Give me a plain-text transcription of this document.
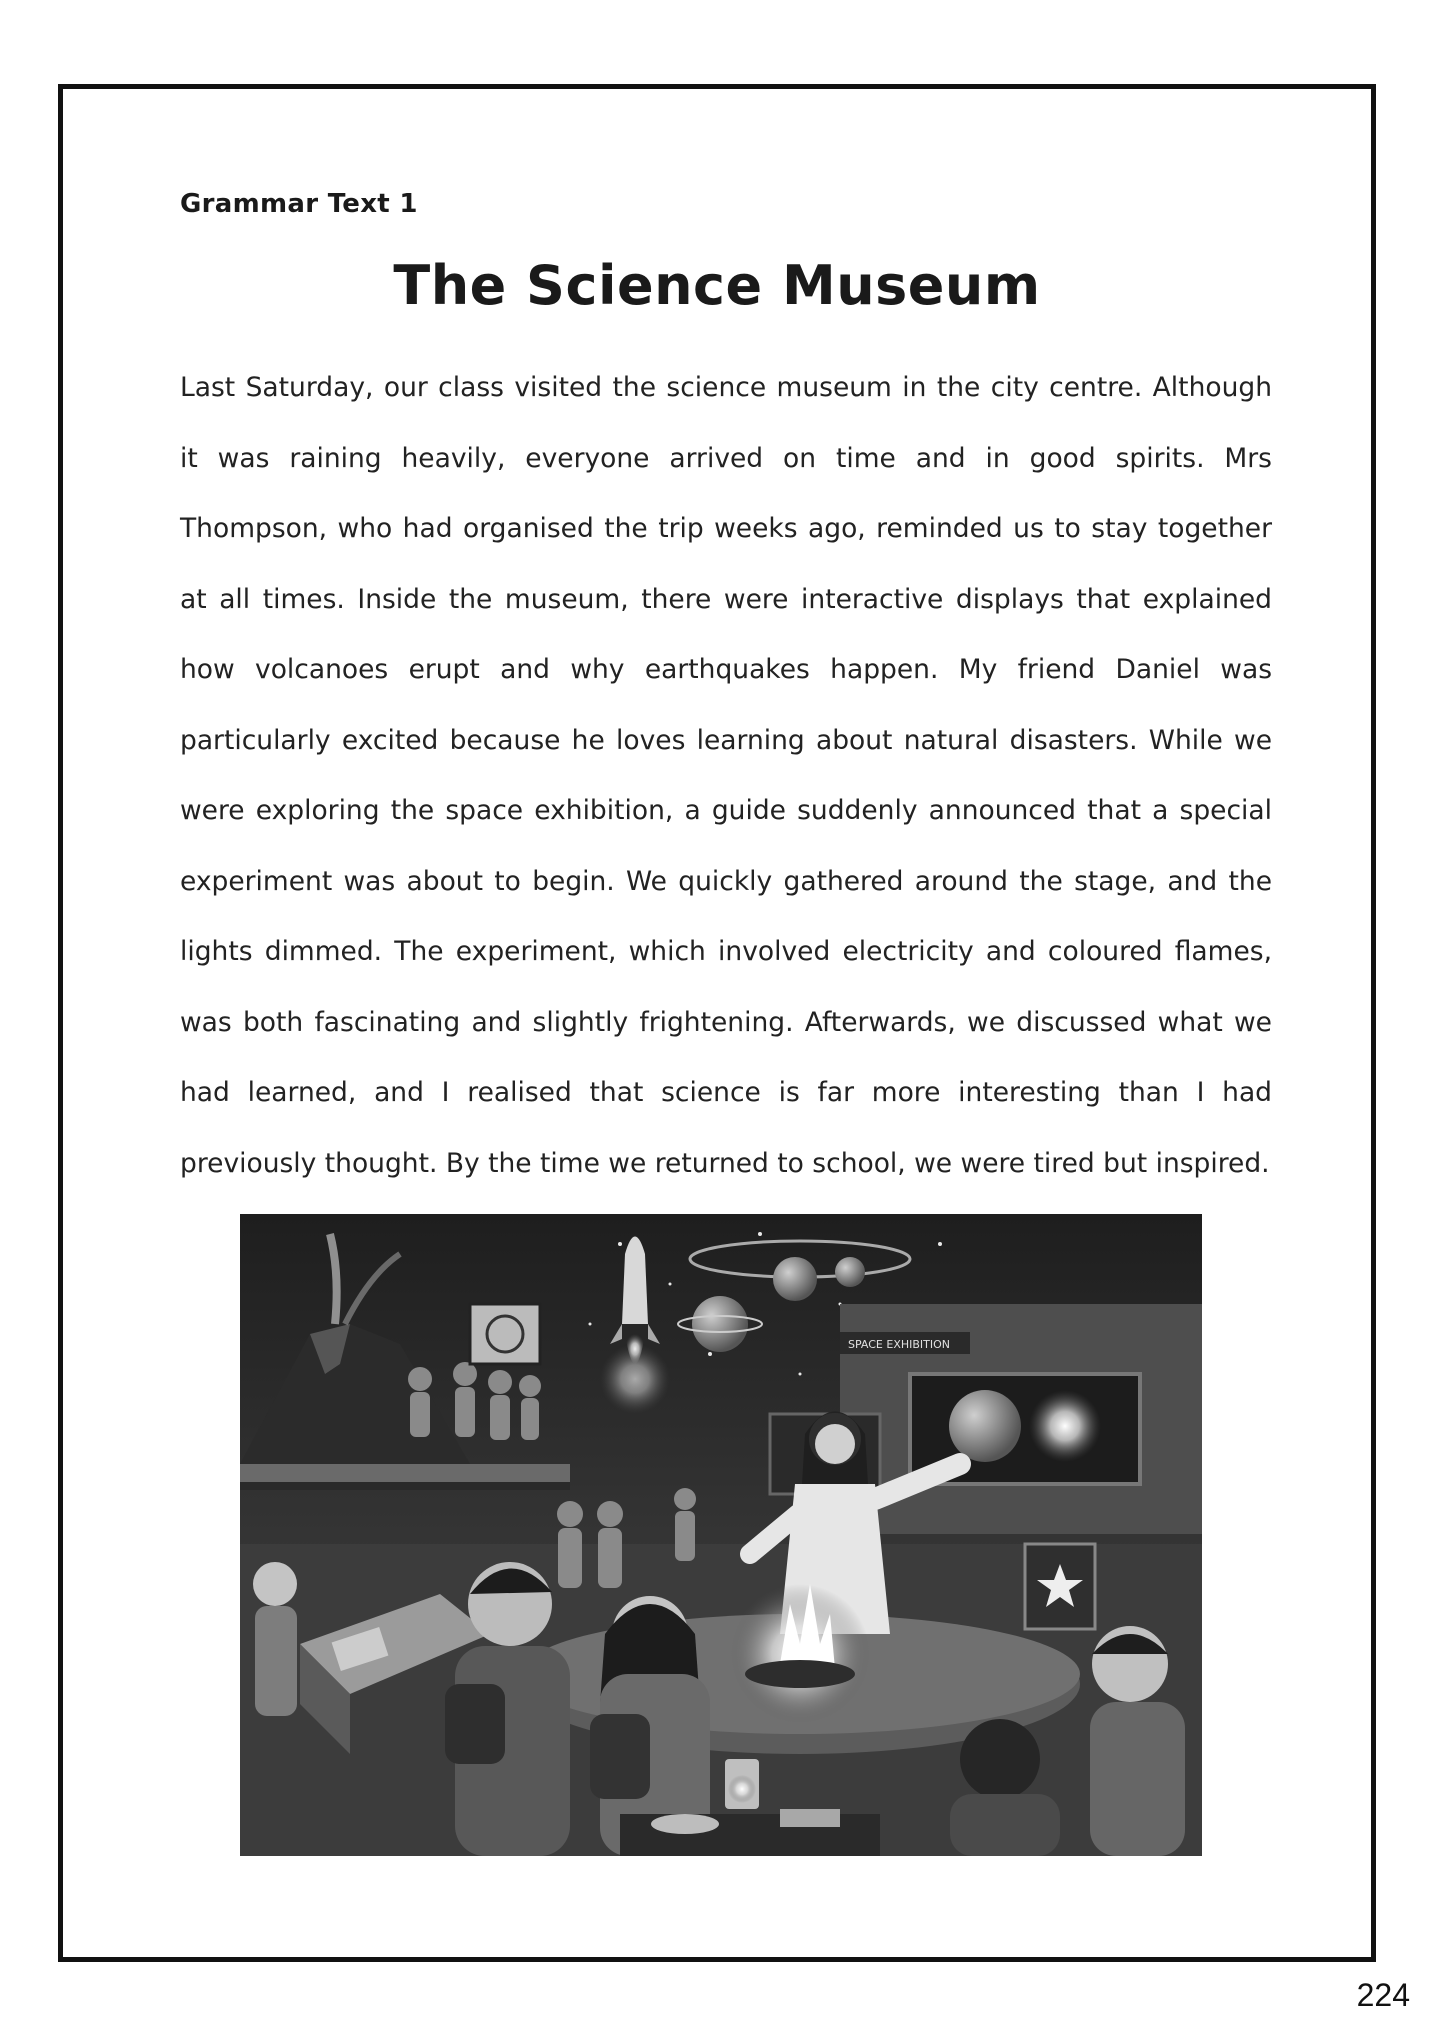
Grammar Text 1
The Science Museum

Last Saturday, our class visited the science museum in the city centre. Although it was raining heavily, everyone arrived on time and in good spirits. Mrs Thompson, who had organised the trip weeks ago, reminded us to stay together at all times. Inside the museum, there were interactive displays that explained how volcanoes erupt and why earthquakes happen. My friend Daniel was particularly excited because he loves learning about natural disasters. While we were exploring the space exhibition, a guide suddenly announced that a special experiment was about to begin. We quickly gathered around the stage, and the lights dimmed. The experiment, which involved electricity and coloured flames, was both fascinating and slightly frightening. Afterwards, we discussed what we had learned, and I realised that science is far more interesting than I had previously thought. By the time we returned to school, we were tired but inspired.

SPACE EXHIBITION
224
